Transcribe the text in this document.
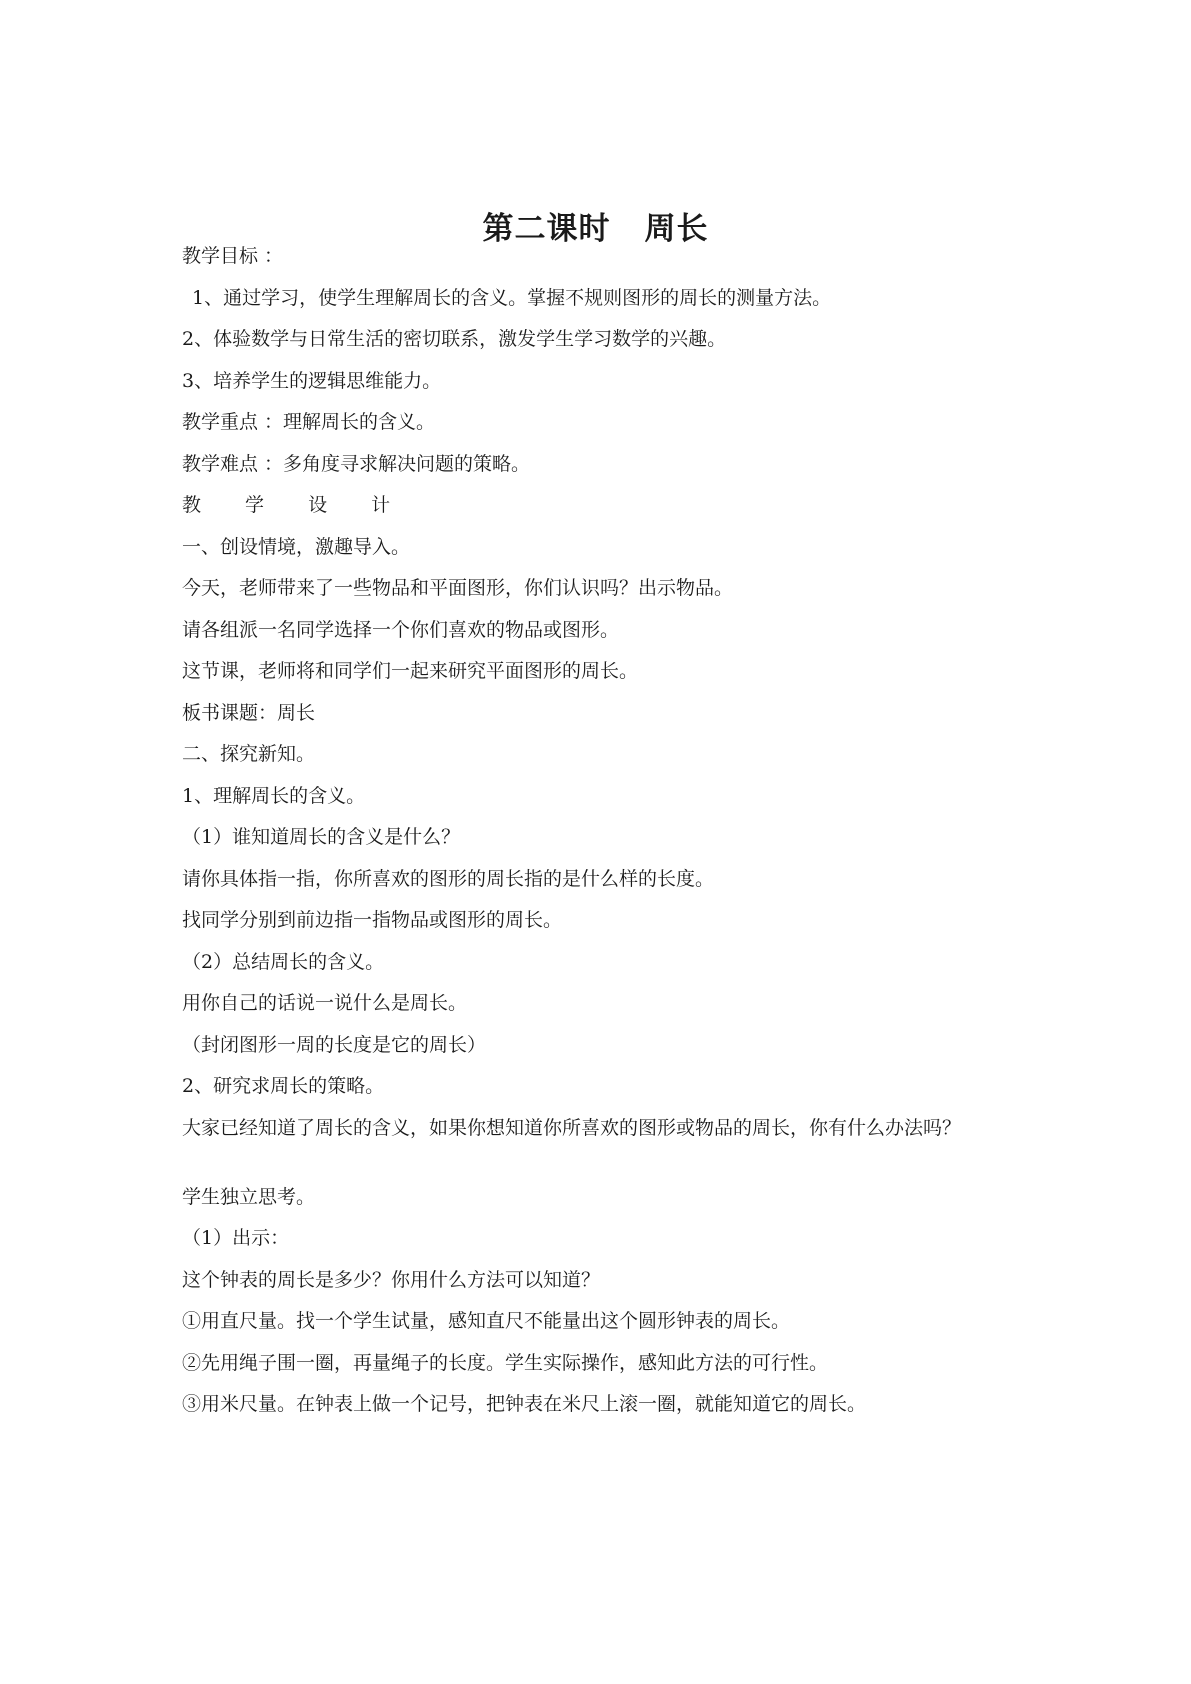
第二课时 周长
教学目标 ：
1、通过学习，使学生理解周长的含义。掌握不规则图形的周长的测量方法。
2、体验数学与日常生活的密切联系，激发学生学习数学的兴趣。
3、培养学生的逻辑思维能力。
教学重点 ：理解周长的含义。
教学难点 ：多角度寻求解决问题的策略。
教 学 设 计
一、创设情境，激趣导入。
今天，老师带来了一些物品和平面图形，你们认识吗？出示物品。
请各组派一名同学选择一个你们喜欢的物品或图形。
这节课，老师将和同学们一起来研究平面图形的周长。
板书课题：周长
二、探究新知。
1、理解周长的含义。
（1）谁知道周长的含义是什么？
请你具体指一指，你所喜欢的图形的周长指的是什么样的长度。
找同学分别到前边指一指物品或图形的周长。
（2）总结周长的含义。
用你自己的话说一说什么是周长。
（封闭图形一周的长度是它的周长）
2、研究求周长的策略。
大家已经知道了周长的含义，如果你想知道你所喜欢的图形或物品的周长，你有什么办法吗？
学生独立思考。
（1）出示：
这个钟表的周长是多少？你用什么方法可以知道？
①用直尺量。找一个学生试量，感知直尺不能量出这个圆形钟表的周长。
②先用绳子围一圈，再量绳子的长度。学生实际操作，感知此方法的可行性。
③用米尺量。在钟表上做一个记号，把钟表在米尺上滚一圈，就能知道它的周长。
